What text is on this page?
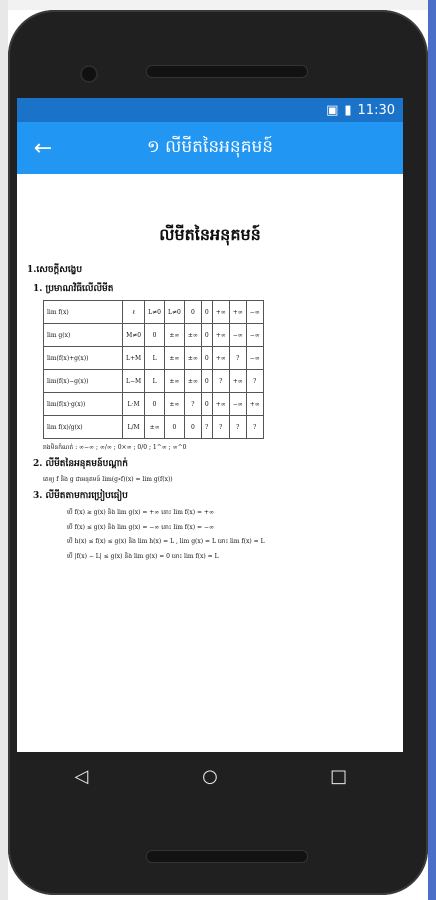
▣ ▮ 11:30
←	១ លីមីតនៃអនុគមន៍
លីមីតនៃអនុគមន៍
1.សេចក្ដីសង្ខេប
1. ប្រមាណវិធីលើលីមីត
lim f(x)	ℓ	L≠0	L≠0	0	0	+∞	+∞	−∞
lim g(x)	M≠0	0	±∞	±∞	0	+∞	−∞	−∞
lim(f(x)+g(x))	L+M	L	±∞	±∞	0	+∞	?	−∞
lim(f(x)−g(x))	L−M	L	±∞	±∞	0	?	+∞	?
lim(f(x)·g(x))	L·M	0	±∞	?	0	+∞	−∞	+∞
lim f(x)/g(x)	L/M	±∞	0	0	?	?	?	?
រាងមិនកំណត់ : ∞−∞ ; ∞/∞ ; 0×∞ ; 0/0 ; 1^∞ ; ∞^0
2. លីមីតនៃអនុគមន៍បណ្ដាក់
គេឲ្យ f និង g ជាអនុគមន៍ lim(g∘f)(x) = lim g(f(x))
3. លីមីតតាមការប្រៀបធៀប
បើ f(x) ≥ g(x) និង lim g(x) = +∞ នោះ lim f(x) = +∞
បើ f(x) ≤ g(x) និង lim g(x) = −∞ នោះ lim f(x) = −∞
បើ h(x) ≤ f(x) ≤ g(x) និង lim h(x) = L , lim g(x) = L នោះ lim f(x) = L
បើ |f(x) − L| ≤ g(x) និង lim g(x) = 0 នោះ lim f(x) = L
◁	○	□
